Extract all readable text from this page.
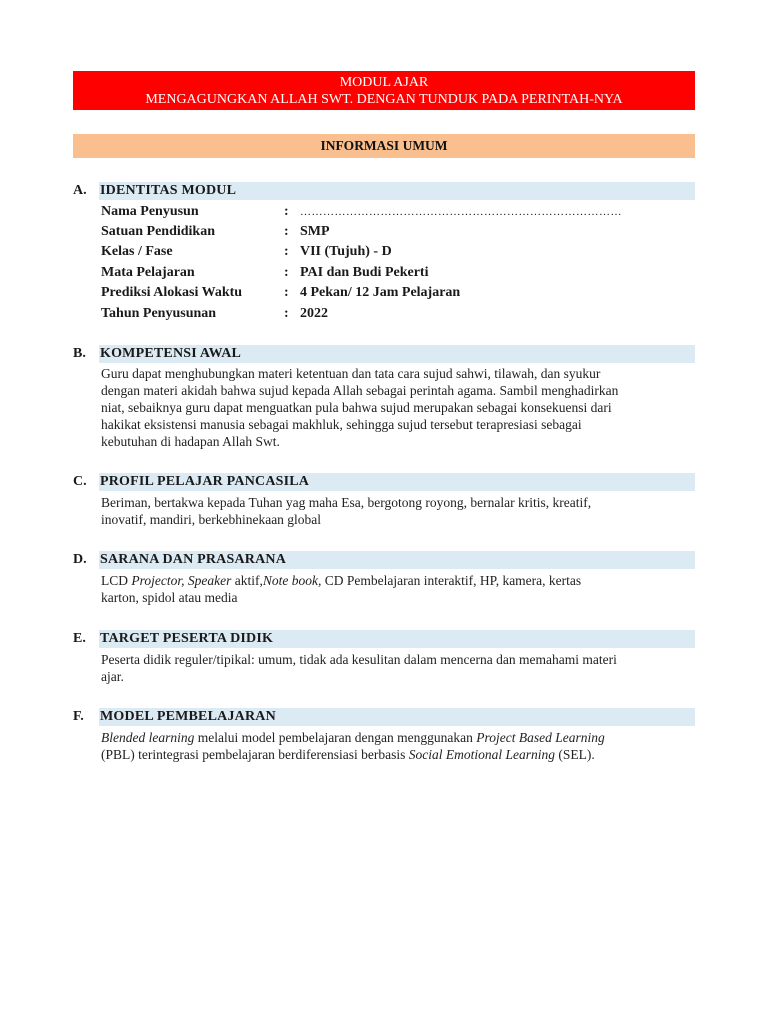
MODUL AJAR
MENGAGUNGKAN ALLAH SWT. DENGAN TUNDUK PADA PERINTAH-NYA
INFORMASI UMUM
A. IDENTITAS MODUL
Nama Penyusun	: …………………………………………………………………………
Satuan Pendidikan	: SMP
Kelas / Fase	: VII (Tujuh) - D
Mata Pelajaran	: PAI dan Budi Pekerti
Prediksi Alokasi Waktu	: 4 Pekan/ 12 Jam Pelajaran
Tahun Penyusunan	: 2022
B. KOMPETENSI AWAL
Guru dapat menghubungkan materi ketentuan dan tata cara sujud sahwi, tilawah, dan syukur
dengan materi akidah bahwa sujud kepada Allah sebagai perintah agama. Sambil menghadirkan
niat, sebaiknya guru dapat menguatkan pula bahwa sujud merupakan sebagai konsekuensi dari
hakikat eksistensi manusia sebagai makhluk, sehingga sujud tersebut terapresiasi sebagai
kebutuhan di hadapan Allah Swt.
C. PROFIL PELAJAR PANCASILA
Beriman, bertakwa kepada Tuhan yag maha Esa, bergotong royong, bernalar kritis, kreatif,
inovatif, mandiri, berkebhinekaan global
D. SARANA DAN PRASARANA
LCD Projector, Speaker aktif,Note book, CD Pembelajaran interaktif, HP, kamera, kertas
karton, spidol atau media
E. TARGET PESERTA DIDIK
Peserta didik reguler/tipikal: umum, tidak ada kesulitan dalam mencerna dan memahami materi
ajar.
F. MODEL PEMBELAJARAN
Blended learning melalui model pembelajaran dengan menggunakan Project Based Learning
(PBL) terintegrasi pembelajaran berdiferensiasi berbasis Social Emotional Learning (SEL).
